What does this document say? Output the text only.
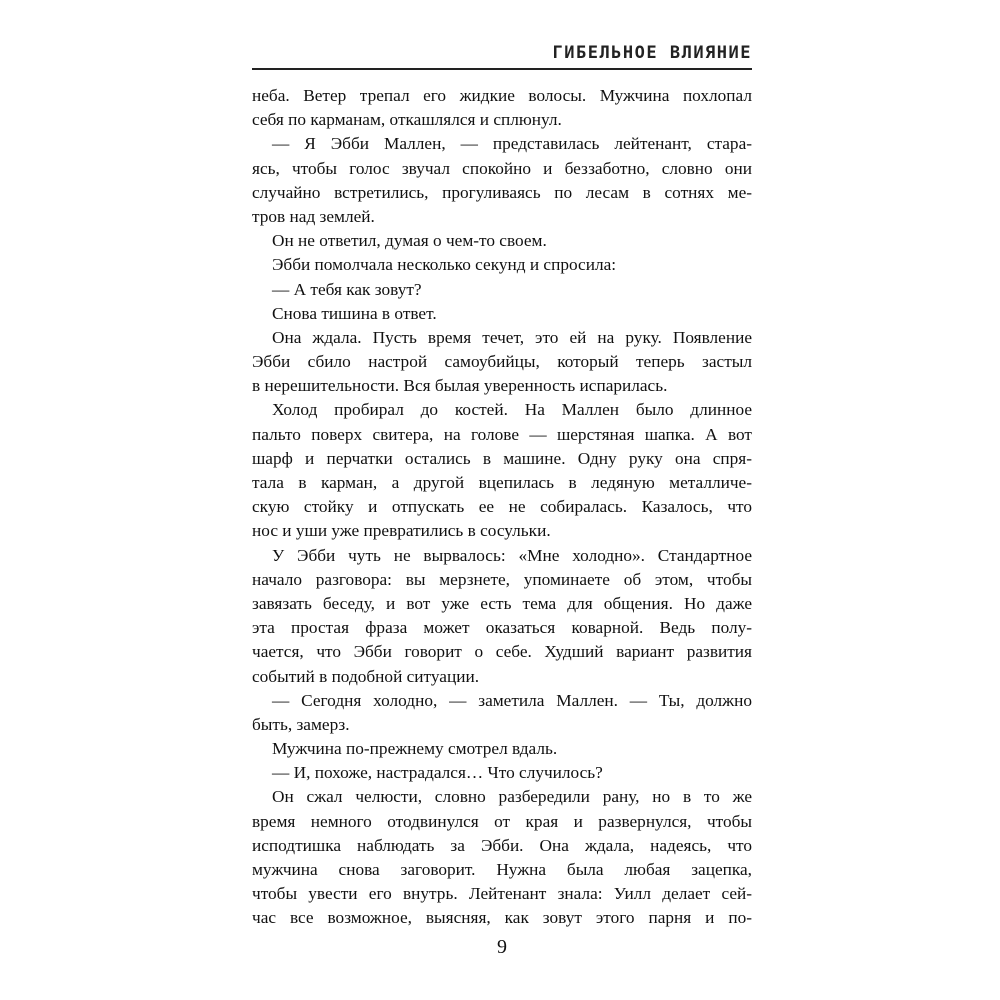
ГИБЕЛЬНОЕ ВЛИЯНИЕ
неба. Ветер трепал его жидкие волосы. Мужчина похлопал
себя по карманам, откашлялся и сплюнул.
— Я Эбби Маллен, — представилась лейтенант, стара-
ясь, чтобы голос звучал спокойно и беззаботно, словно они
случайно встретились, прогуливаясь по лесам в сотнях ме-
тров над землей.
Он не ответил, думая о чем-то своем.
Эбби помолчала несколько секунд и спросила:
— А тебя как зовут?
Снова тишина в ответ.
Она ждала. Пусть время течет, это ей на руку. Появление
Эбби сбило настрой самоубийцы, который теперь застыл
в нерешительности. Вся былая уверенность испарилась.
Холод пробирал до костей. На Маллен было длинное
пальто поверх свитера, на голове — шерстяная шапка. А вот
шарф и перчатки остались в машине. Одну руку она спря-
тала в карман, а другой вцепилась в ледяную металличе-
скую стойку и отпускать ее не собиралась. Казалось, что
нос и уши уже превратились в сосульки.
У Эбби чуть не вырвалось: «Мне холодно». Стандартное
начало разговора: вы мерзнете, упоминаете об этом, чтобы
завязать беседу, и вот уже есть тема для общения. Но даже
эта простая фраза может оказаться коварной. Ведь полу-
чается, что Эбби говорит о себе. Худший вариант развития
событий в подобной ситуации.
— Сегодня холодно, — заметила Маллен. — Ты, должно
быть, замерз.
Мужчина по-прежнему смотрел вдаль.
— И, похоже, настрадался… Что случилось?
Он сжал челюсти, словно разбередили рану, но в то же
время немного отодвинулся от края и развернулся, чтобы
исподтишка наблюдать за Эбби. Она ждала, надеясь, что
мужчина снова заговорит. Нужна была любая зацепка,
чтобы увести его внутрь. Лейтенант знала: Уилл делает сей-
час все возможное, выясняя, как зовут этого парня и по-
9
